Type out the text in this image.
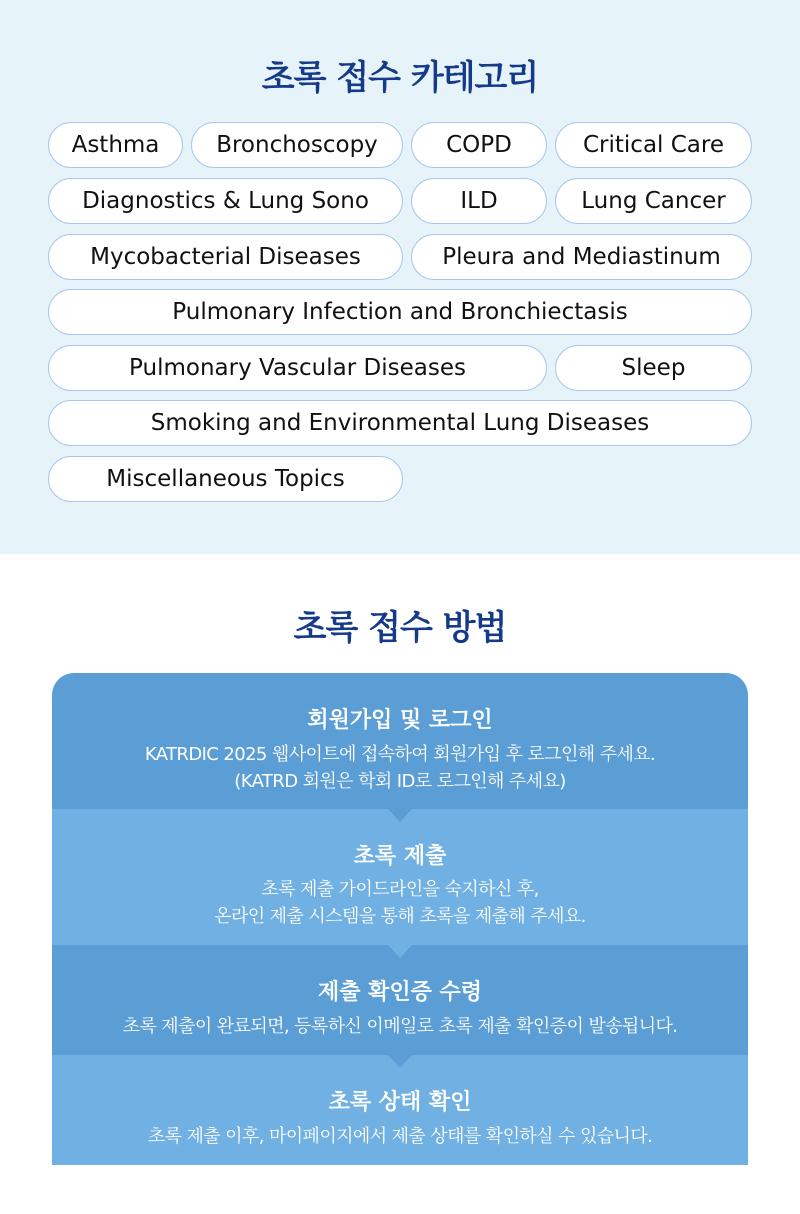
초록 접수 카테고리
Asthma	Bronchoscopy	COPD	Critical Care
Diagnostics & Lung Sono	ILD	Lung Cancer
Mycobacterial Diseases	Pleura and Mediastinum
Pulmonary Infection and Bronchiectasis
Pulmonary Vascular Diseases	Sleep
Smoking and Environmental Lung Diseases
Miscellaneous Topics
초록 접수 방법
회원가입 및 로그인
KATRDIC 2025 웹사이트에 접속하여 회원가입 후 로그인해 주세요.
(KATRD 회원은 학회 ID로 로그인해 주세요)
초록 제출
초록 제출 가이드라인을 숙지하신 후,
온라인 제출 시스템을 통해 초록을 제출해 주세요.
제출 확인증 수령
초록 제출이 완료되면, 등록하신 이메일로 초록 제출 확인증이 발송됩니다.
초록 상태 확인
초록 제출 이후, 마이페이지에서 제출 상태를 확인하실 수 있습니다.
